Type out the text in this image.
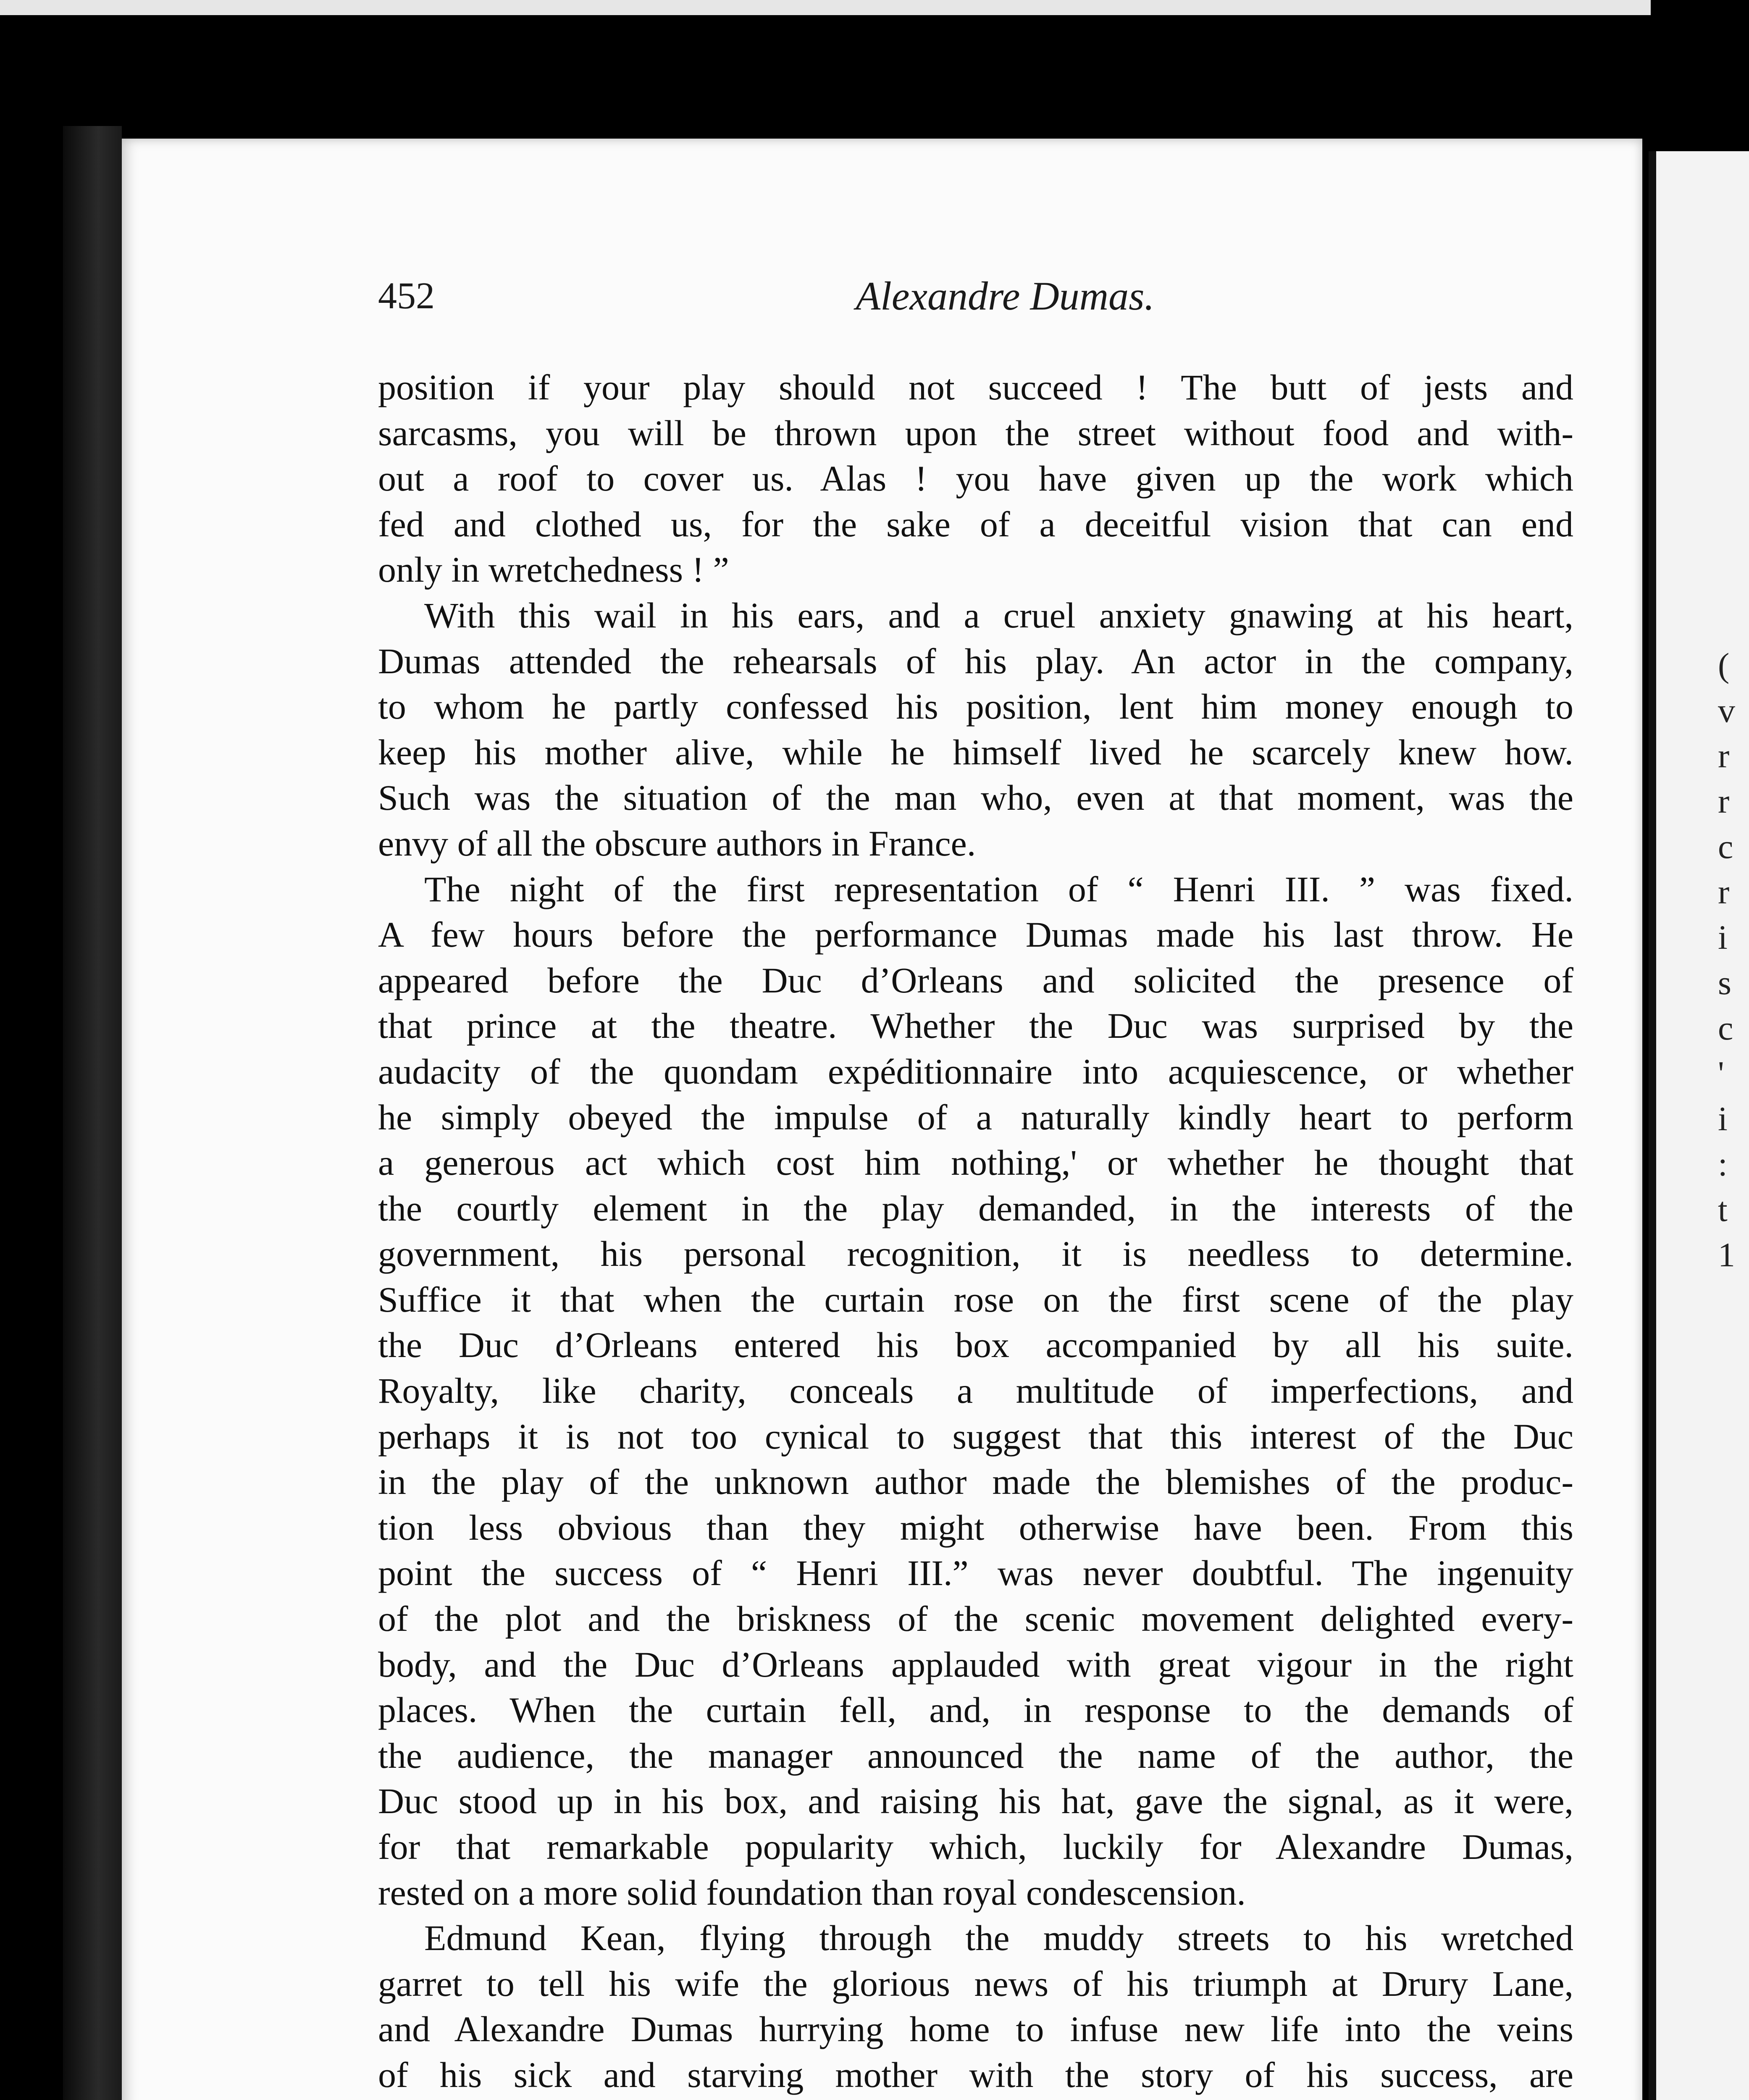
(
v
r
r
c
r
i
s
c
'
i
:
t
1
452	Alexandre Dumas.
position if your play should not succeed ! The butt of jests and
sarcasms, you will be thrown upon the street without food and with-
out a roof to cover us. Alas ! you have given up the work which
fed and clothed us, for the sake of a deceitful vision that can end
only in wretchedness ! ”
With this wail in his ears, and a cruel anxiety gnawing at his heart,
Dumas attended the rehearsals of his play. An actor in the company,
to whom he partly confessed his position, lent him money enough to
keep his mother alive, while he himself lived he scarcely knew how.
Such was the situation of the man who, even at that moment, was the
envy of all the obscure authors in France.
The night of the first representation of “ Henri III. ” was fixed.
A few hours before the performance Dumas made his last throw. He
appeared before the Duc d’Orleans and solicited the presence of
that prince at the theatre. Whether the Duc was surprised by the
audacity of the quondam expéditionnaire into acquiescence, or whether
he simply obeyed the impulse of a naturally kindly heart to perform
a generous act which cost him nothing,' or whether he thought that
the courtly element in the play demanded, in the interests of the
government, his personal recognition, it is needless to determine.
Suffice it that when the curtain rose on the first scene of the play
the Duc d’Orleans entered his box accompanied by all his suite.
Royalty, like charity, conceals a multitude of imperfections, and
perhaps it is not too cynical to suggest that this interest of the Duc
in the play of the unknown author made the blemishes of the produc-
tion less obvious than they might otherwise have been. From this
point the success of “ Henri III.” was never doubtful. The ingenuity
of the plot and the briskness of the scenic movement delighted every-
body, and the Duc d’Orleans applauded with great vigour in the right
places. When the curtain fell, and, in response to the demands of
the audience, the manager announced the name of the author, the
Duc stood up in his box, and raising his hat, gave the signal, as it were,
for that remarkable popularity which, luckily for Alexandre Dumas,
rested on a more solid foundation than royal condescension.
Edmund Kean, flying through the muddy streets to his wretched
garret to tell his wife the glorious news of his triumph at Drury Lane,
and Alexandre Dumas hurrying home to infuse new life into the veins
of his sick and starving mother with the story of his success, are
